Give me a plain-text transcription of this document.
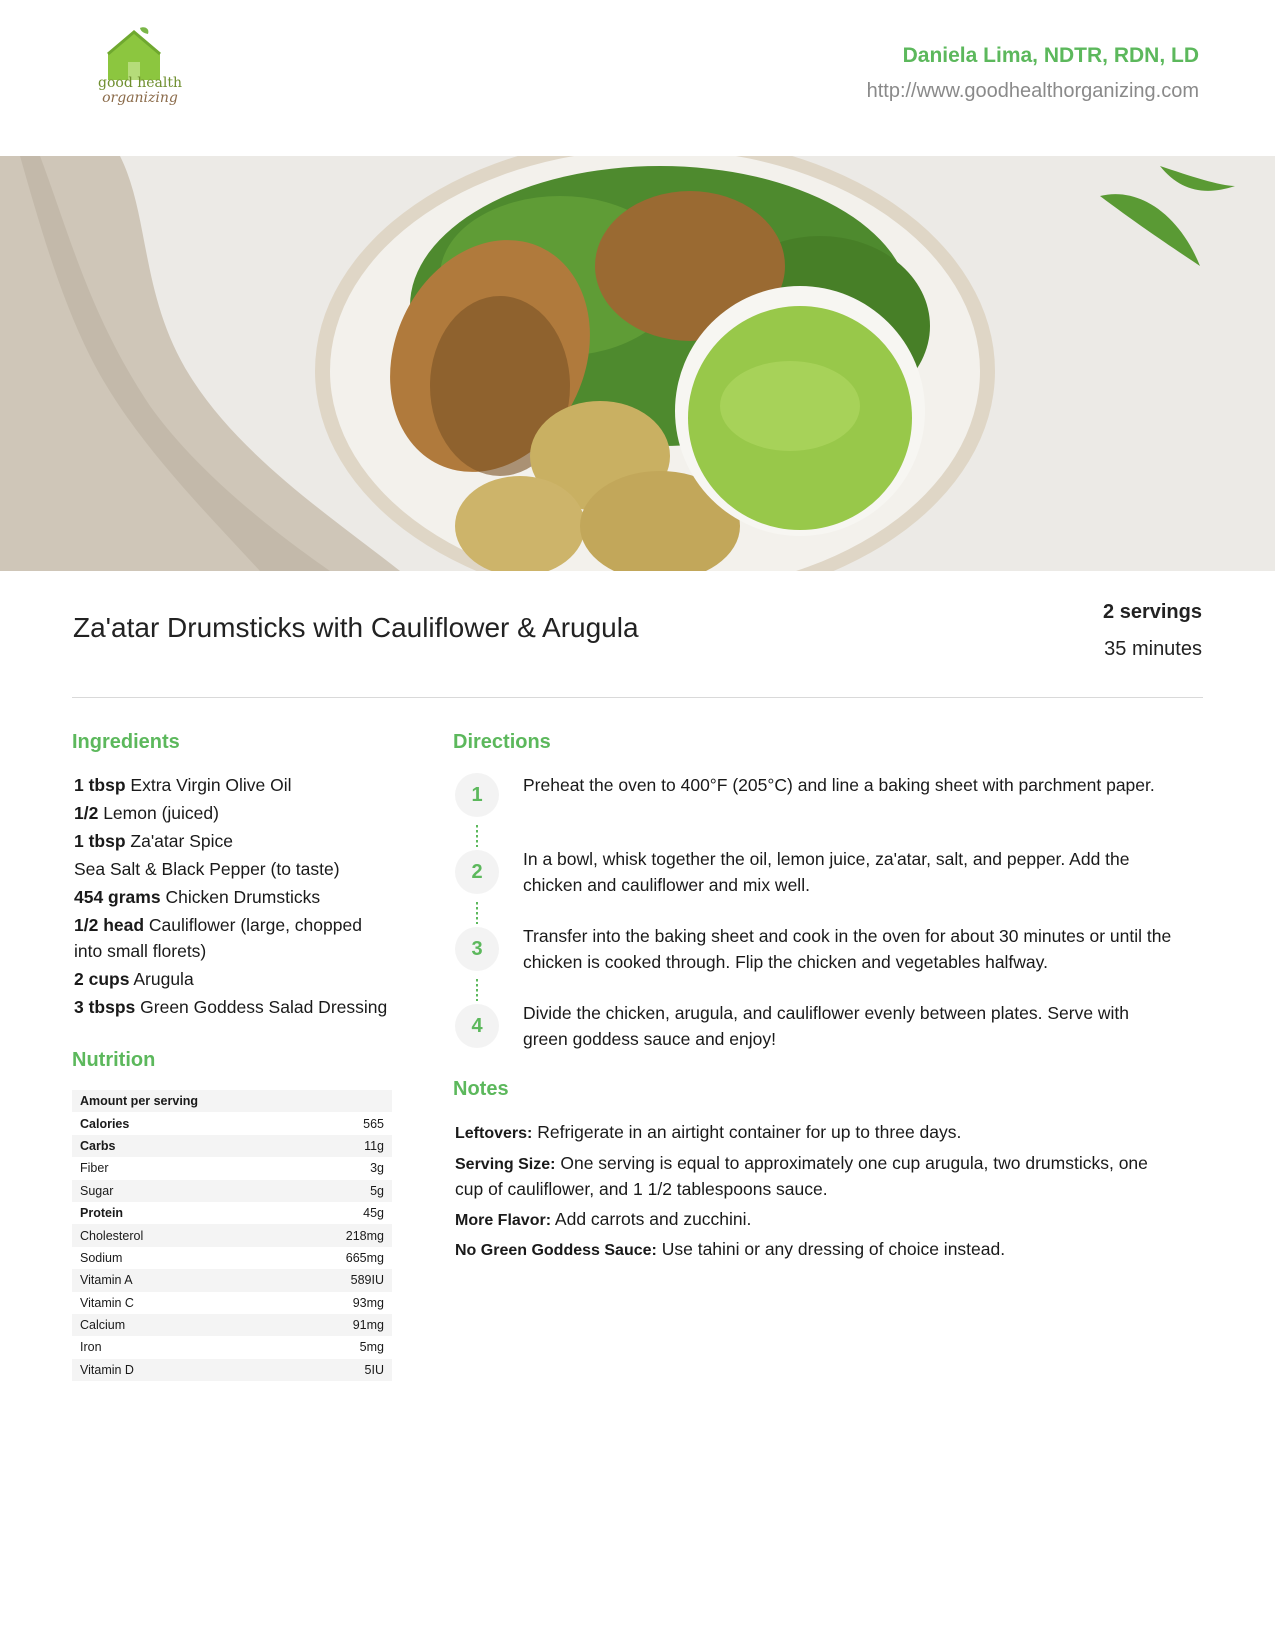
good health
organizing
Daniela Lima, NDTR, RDN, LD
http://www.goodhealthorganizing.com
Za'atar Drumsticks with Cauliflower & Arugula	2 servings
35 minutes
Ingredients
1 tbsp Extra Virgin Olive Oil
1/2 Lemon (juiced)
1 tbsp Za'atar Spice
Sea Salt & Black Pepper (to taste)
454 grams Chicken Drumsticks
1/2 head Cauliflower (large, chopped into small florets)
2 cups Arugula
3 tbsps Green Goddess Salad Dressing
Nutrition
Amount per serving	
Calories	565
Carbs	11g
Fiber	3g
Sugar	5g
Protein	45g
Cholesterol	218mg
Sodium	665mg
Vitamin A	589IU
Vitamin C	93mg
Calcium	91mg
Iron	5mg
Vitamin D	5IU
Directions
1	Preheat the oven to 400°F (205°C) and line a baking sheet with parchment paper.
2
In a bowl, whisk together the oil, lemon juice, za'atar, salt, and pepper. Add the chicken and cauliflower and mix well.
3
Transfer into the baking sheet and cook in the oven for about 30 minutes or until the chicken is cooked through. Flip the chicken and vegetables halfway.
4
Divide the chicken, arugula, and cauliflower evenly between plates. Serve with green goddess sauce and enjoy!
Notes

Leftovers: Refrigerate in an airtight container for up to three days.

Serving Size: One serving is equal to approximately one cup arugula, two drumsticks, one cup of cauliflower, and 1 1/2 tablespoons sauce.

More Flavor: Add carrots and zucchini.

No Green Goddess Sauce: Use tahini or any dressing of choice instead.
